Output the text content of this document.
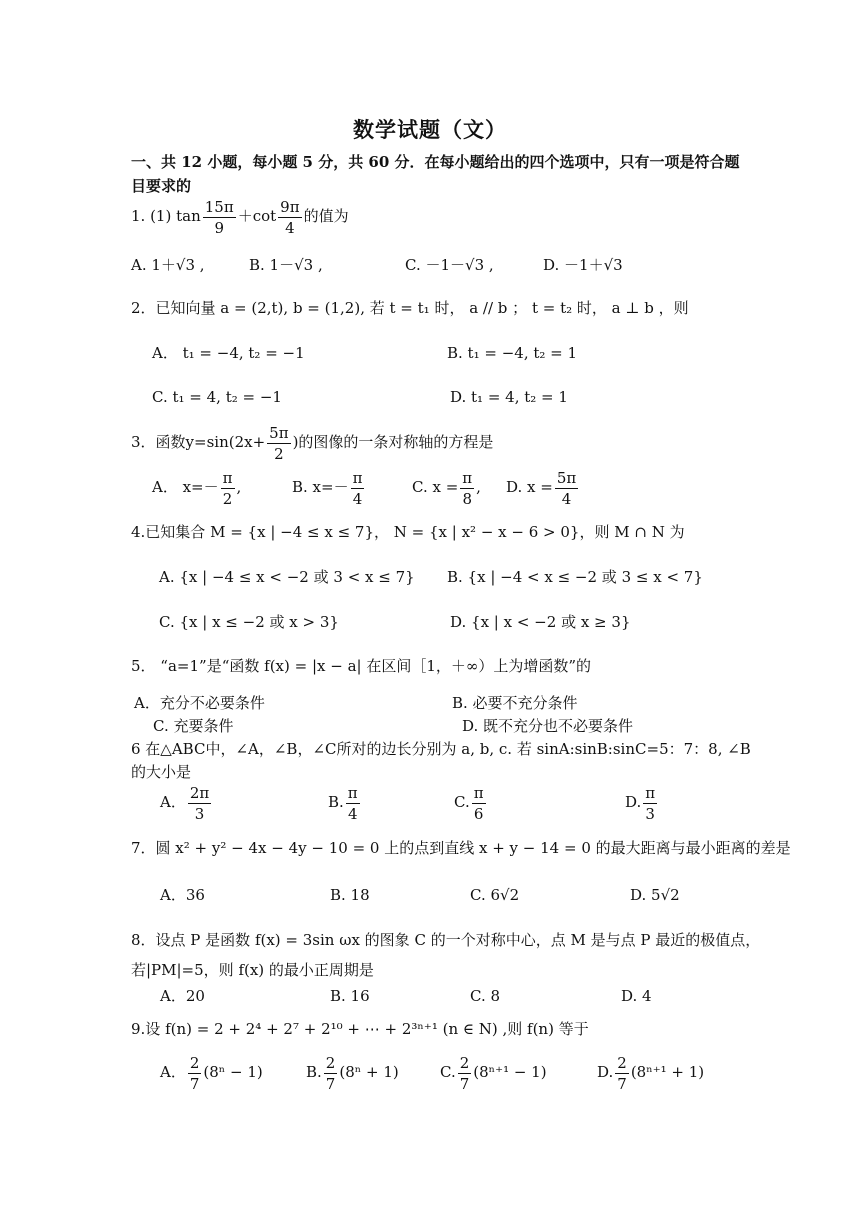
数学试题（文）
一、共 12 小题，每小题 5 分，共 60 分．在每小题给出的四个选项中，只有一项是符合题
目要求的
1. (1) $\tan \frac{15\pi}{9} +\cot \frac{9\pi}{4}$ 的值为
A. 1＋√3 ,	B. 1－√3 ,	C. －1－√3 ,	D. －1＋√3
2．已知向量 a = (2,t), b = (1,2), 若 t = t₁ 时， a // b ； t = t₂ 时， a ⊥ b ，则
A． t₁ = −4, t₂ = −1	B. t₁ = −4, t₂ = 1
C. t₁ = 4, t₂ = −1	D. t₁ = 4, t₂ = 1
3．函数$y=\sin(2x+ \frac{5\pi}{2}$ )的图像的一条对称轴的方程是
A． $x=- \frac{\pi}{2}$ ,	B. $x=- \frac{\pi}{4}$	C. $x = \frac{\pi}{8}$ , D. $x = \frac{5\pi}{4}$
4.已知集合 M = {x | −4 ≤ x ≤ 7}， N = {x | x² − x − 6 > 0}，则 M ∩ N 为
A. {x | −4 ≤ x < −2 或 3 < x ≤ 7} B. {x | −4 < x ≤ −2 或 3 ≤ x < 7}
C. {x | x ≤ −2 或 x > 3}	D. {x | x < −2 或 x ≥ 3}
5． “a=1”是“函数 f(x) = |x − a| 在区间［1，＋∞）上为增函数”的
A．充分不必要条件	B. 必要不充分条件
C. 充要条件	D. 既不充分也不必要条件
6 在△ABC中，∠A，∠B，∠C所对的边长分别为 a, b, c. 若 sinA:sinB:sinC=5：7：8, ∠B
的大小是
A． $\frac{2\pi}{3}$	B. $\frac{\pi}{4}$	C. $\frac{\pi}{6}$	D. $\frac{\pi}{3}$
7．圆 x² + y² − 4x − 4y − 10 = 0 上的点到直线 x + y − 14 = 0 的最大距离与最小距离的差是
A．36	B. 18	C. 6√2	D. 5√2
8．设点 P 是函数 f(x) = 3sin ωx 的图象 C 的一个对称中心，点 M 是与点 P 最近的极值点，
若|PM|=5，则 f(x) 的最小正周期是
A．20	B. 16	C. 8	D. 4
9.设 f(n) = 2 + 2⁴ + 2⁷ + 2¹⁰ + ⋯ + 2³ⁿ⁺¹ (n ∈ N) ,则 f(n) 等于
A． $\frac{2}{7} (8^n - 1)$	B. $\frac{2}{7} (8^n + 1)$	C. $\frac{2}{7} (8^{n+1} - 1)$	D. $\frac{2}{7} (8^{n+1} + 1)$
